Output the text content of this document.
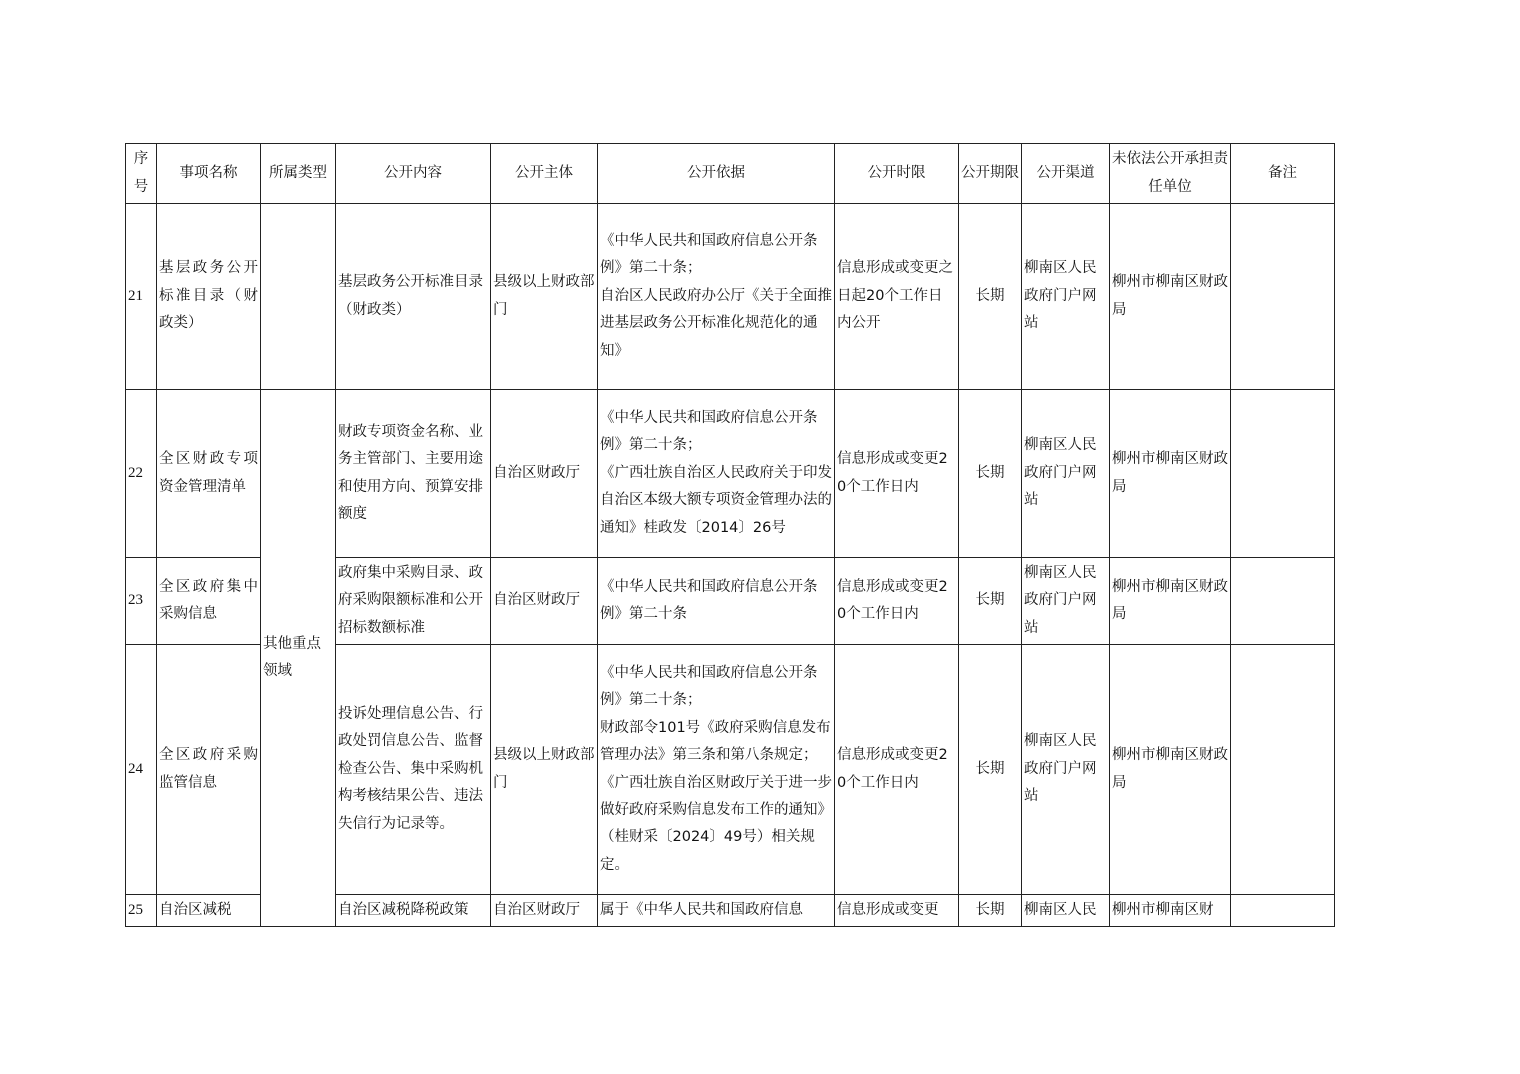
序号	事项名称	所属类型	公开内容	公开主体	公开依据	公开时限	公开期限	公开渠道	未依法公开承担责任单位	备注
21	基层政务公开标准目录（财政类）		基层政务公开标准目录（财政类）	县级以上财政部门	《中华人民共和国政府信息公开条例》第二十条；
自治区人民政府办公厅《关于全面推进基层政务公开标准化规范化的通知》	信息形成或变更之日起20个工作日内公开	长期	柳南区人民政府门户网站	柳州市柳南区财政局	
22	全区财政专项资金管理清单	其他重点领域	财政专项资金名称、业务主管部门、主要用途和使用方向、预算安排额度	自治区财政厅	《中华人民共和国政府信息公开条例》第二十条；
《广西壮族自治区人民政府关于印发自治区本级大额专项资金管理办法的通知》桂政发〔2014〕26号	信息形成或变更20个工作日内	长期	柳南区人民政府门户网站	柳州市柳南区财政局	
23	全区政府集中采购信息		政府集中采购目录、政府采购限额标准和公开招标数额标准	自治区财政厅	《中华人民共和国政府信息公开条例》第二十条	信息形成或变更20个工作日内	长期	柳南区人民政府门户网站	柳州市柳南区财政局	
24	全区政府采购监管信息		投诉处理信息公告、行政处罚信息公告、监督检查公告、集中采购机构考核结果公告、违法失信行为记录等。	县级以上财政部门	《中华人民共和国政府信息公开条例》第二十条；
财政部令101号《政府采购信息发布管理办法》第三条和第八条规定；
《广西壮族自治区财政厅关于进一步做好政府采购信息发布工作的通知》（桂财采〔2024〕49号）相关规定。	信息形成或变更20个工作日内	长期	柳南区人民政府门户网站	柳州市柳南区财政局	
25	自治区减税		自治区减税降税政策	自治区财政厅	属于《中华人民共和国政府信息	信息形成或变更	长期	柳南区人民	柳州市柳南区财	
